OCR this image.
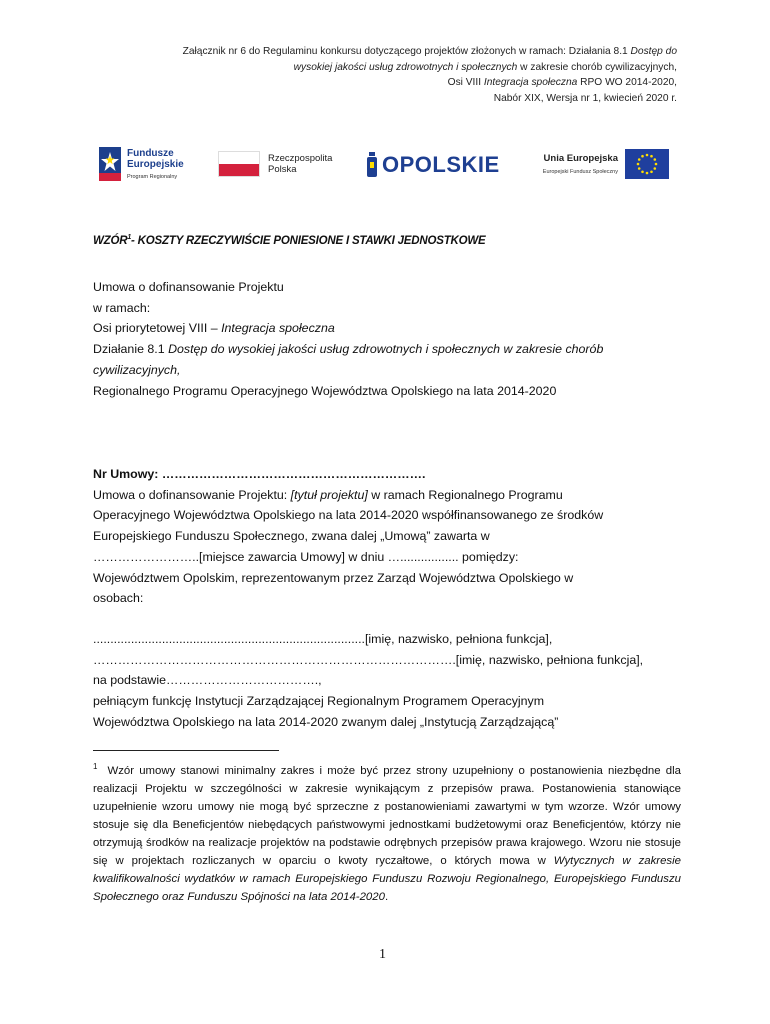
Załącznik nr 6 do Regulaminu konkursu dotyczącego projektów złożonych w ramach: Działania 8.1 Dostęp do
wysokiej jakości usług zdrowotnych i społecznych w zakresie chorób cywilizacyjnych,
Osi VIII Integracja społeczna RPO WO 2014-2020,
Nabór XIX, Wersja nr 1, kwiecień 2020 r.
Fundusze
Europejskie
Program Regionalny
Rzeczpospolita
Polska	OPOLSKIE	Unia Europejska
Europejski Fundusz Społeczny
WZÓR$^1$- KOSZTY RZECZYWIŚCIE PONIESIONE I STAWKI JEDNOSTKOWE
Umowa o dofinansowanie Projektu
w ramach:
Osi priorytetowej VIII – Integracja społeczna
Działanie 8.1 Dostęp do wysokiej jakości usług zdrowotnych i społecznych w zakresie chorób
cywilizacyjnych,
Regionalnego Programu Operacyjnego Województwa Opolskiego na lata 2014-2020
Nr Umowy: ……………………………………………………….
Umowa o dofinansowanie Projektu: [tytuł projektu] w ramach Regionalnego Programu
Operacyjnego Województwa Opolskiego na lata 2014-2020 współfinansowanego ze środków
Europejskiego Funduszu Społecznego, zwana dalej „Umową” zawarta w
……………………..[miejsce zawarcia Umowy] w dniu …................. pomiędzy:
Województwem Opolskim, reprezentowanym przez Zarząd Województwa Opolskiego w
osobach:
...............................................................................[imię, nazwisko, pełniona funkcja],
…………………………………………………………………………….[imię, nazwisko, pełniona funkcja],
na podstawie……………………………….,
pełniącym funkcję Instytucji Zarządzającej Regionalnym Programem Operacyjnym
Województwa Opolskiego na lata 2014-2020 zwanym dalej „Instytucją Zarządzającą”
$^1$ Wzór umowy stanowi minimalny zakres i może być przez strony uzupełniony o postanowienia niezbędne dla realizacji Projektu w szczególności w zakresie wynikającym z przepisów prawa. Postanowienia stanowiące uzupełnienie wzoru umowy nie mogą być sprzeczne z postanowieniami zawartymi w tym wzorze. Wzór umowy stosuje się dla Beneficjentów niebędących państwowymi jednostkami budżetowymi oraz Beneficjentów, którzy nie otrzymują środków na realizacje projektów na podstawie odrębnych przepisów prawa krajowego. Wzoru nie stosuje się w projektach rozliczanych w oparciu o kwoty ryczałtowe, o których mowa w Wytycznych w zakresie kwalifikowalności wydatków w ramach Europejskiego Funduszu Rozwoju Regionalnego, Europejskiego Funduszu Społecznego oraz Funduszu Spójności na lata 2014-2020.
1
